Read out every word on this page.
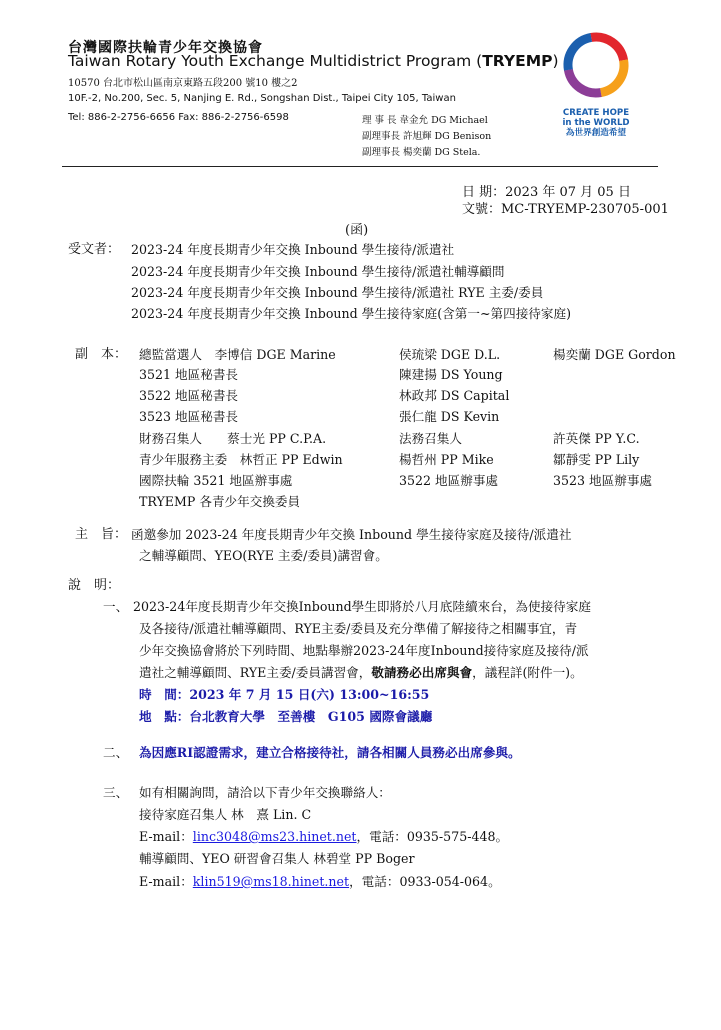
台灣國際扶輪青少年交換協會
Taiwan Rotary Youth Exchange Multidistrict Program (TRYEMP)
10570 台北市松山區南京東路五段200 號10 樓之2
10F.-2, No.200, Sec. 5, Nanjing E. Rd., Songshan Dist., Taipei City 105, Taiwan
Tel: 886-2-2756-6656 Fax: 886-2-2756-6598	理 事 長 韋金允 DG Michael
副理事長 許旭輝 DG Benison
副理事長 楊奕蘭 DG Stela.
CREATE HOPE
in the WORLD
為世界創造希望
日 期：2023 年 07 月 05 日
文號：MC-TRYEMP-230705-001
(函)
受文者： 2023-24 年度長期青少年交換 Inbound 學生接待/派遣社
2023-24 年度長期青少年交換 Inbound 學生接待/派遣社輔導顧問
2023-24 年度長期青少年交換 Inbound 學生接待/派遣社 RYE 主委/委員
2023-24 年度長期青少年交換 Inbound 學生接待家庭(含第一~第四接待家庭)
副　本： 總監當選人　李博信 DGE Marine	侯琉梁 DGE D.L.	楊奕蘭 DGE Gordon
3521 地區秘書長	陳建揚 DS Young
3522 地區秘書長	林政邦 DS Capital
3523 地區秘書長	張仁龍 DS Kevin
財務召集人　　蔡士光 PP C.P.A.	法務召集人	許英傑 PP Y.C.
青少年服務主委　林哲正 PP Edwin	楊哲州 PP Mike	鄒靜雯 PP Lily
國際扶輪 3521 地區辦事處	3522 地區辦事處	3523 地區辦事處
TRYEMP 各青少年交換委員
主　旨： 函邀參加 2023-24 年度長期青少年交換 Inbound 學生接待家庭及接待/派遣社
之輔導顧問、YEO(RYE 主委/委員)講習會。
說　明：
一、 2023-24年度長期青少年交換Inbound學生即將於八月底陸續來台，為使接待家庭
及各接待/派遣社輔導顧問、RYE主委/委員及充分準備了解接待之相關事宜，青
少年交換協會將於下列時間、地點舉辦2023-24年度Inbound接待家庭及接待/派
遣社之輔導顧問、RYE主委/委員講習會，敬請務必出席與會，議程詳(附件一)。
時　間：2023 年 7 月 15 日(六) 13:00~16:55
地　點：台北教育大學　至善樓　G105 國際會議廳
二、 為因應RI認證需求，建立合格接待社，請各相關人員務必出席參與。
三、 如有相關詢問，請洽以下青少年交換聯絡人：
接待家庭召集人 林　熹 Lin. C
E-mail：linc3048@ms23.hinet.net，電話：0935-575-448。
輔導顧問、YEO 研習會召集人 林碧堂 PP Boger
E-mail：klin519@ms18.hinet.net，電話：0933-054-064。
